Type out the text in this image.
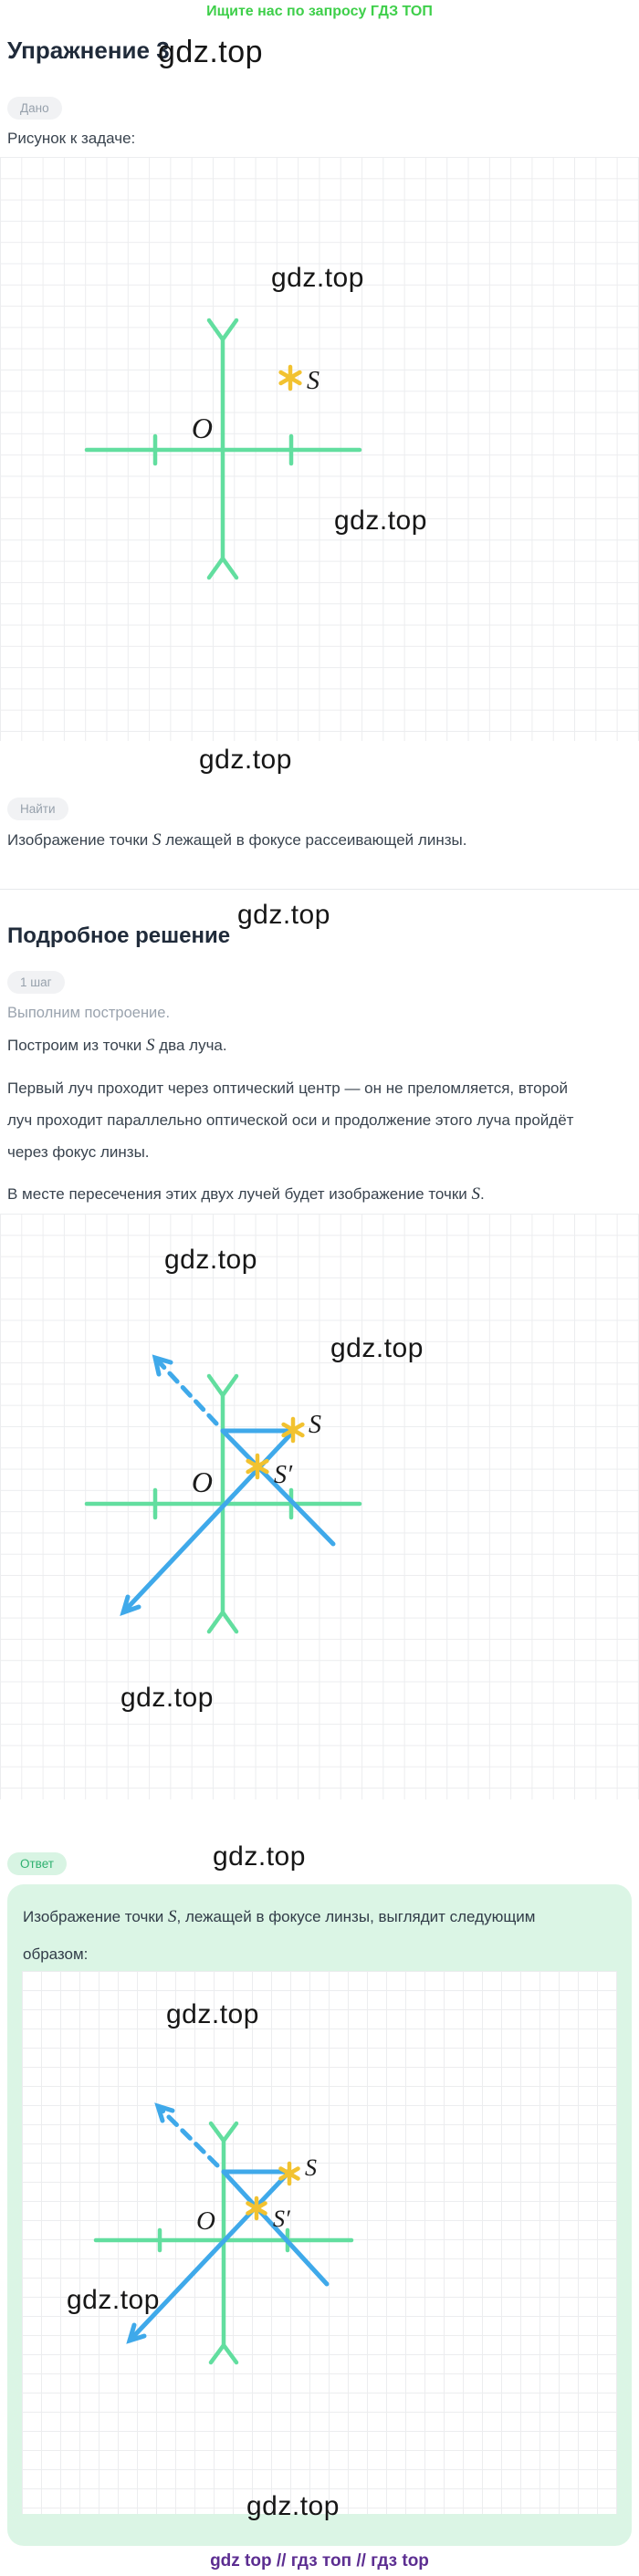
Ищите нас по запросу ГДЗ ТОП
Упражнение 3
gdz.top
Дано
Рисунок к задаче:
O
S
gdz.top
gdz.top
gdz.top
Найти
Изображение точки S лежащей в фокусе рассеивающей линзы.
gdz.top
Подробное решение
1 шаг
Выполним построение.
Построим из точки S два луча.
Первый луч проходит через оптический центр — он не преломляется, второй
луч проходит параллельно оптической оси и продолжение этого луча пройдёт
через фокус линзы.
В месте пересечения этих двух лучей будет изображение точки S.
O
S
S′
gdz.top
gdz.top
gdz.top
gdz.top
Ответ
Изображение точки S, лежащей в фокусе линзы, выглядит следующим
образом:
O
S
S′
gdz.top
gdz.top
gdz.top
gdz top // гдз топ // гдз top
